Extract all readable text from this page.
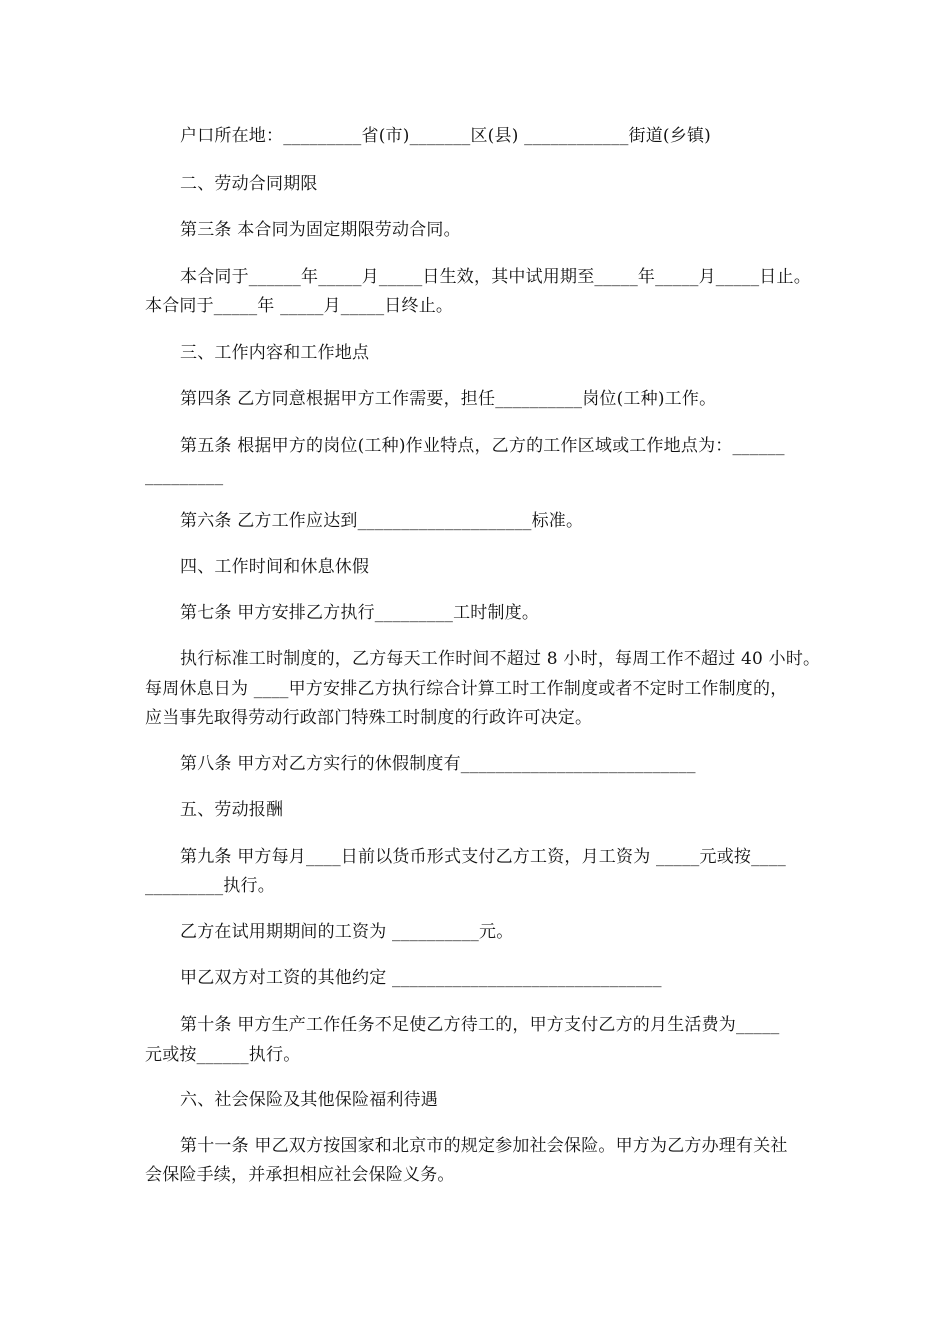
户口所在地：_________省(市)_______区(县) ____________街道(乡镇)
二、劳动合同期限
第三条 本合同为固定期限劳动合同。
本合同于______年_____月_____日生效，其中试用期至_____年_____月_____日止。
本合同于_____年 _____月_____日终止。
三、工作内容和工作地点
第四条 乙方同意根据甲方工作需要，担任__________岗位(工种)工作。
第五条 根据甲方的岗位(工种)作业特点，乙方的工作区域或工作地点为：______
_________
第六条 乙方工作应达到____________________标准。
四、工作时间和休息休假
第七条 甲方安排乙方执行_________工时制度。
执行标准工时制度的，乙方每天工作时间不超过 8 小时，每周工作不超过 40 小时。
每周休息日为 ____甲方安排乙方执行综合计算工时工作制度或者不定时工作制度的，
应当事先取得劳动行政部门特殊工时制度的行政许可决定。
第八条 甲方对乙方实行的休假制度有___________________________
五、劳动报酬
第九条 甲方每月____日前以货币形式支付乙方工资，月工资为 _____元或按____
_________执行。
乙方在试用期期间的工资为 __________元。
甲乙双方对工资的其他约定 _______________________________
第十条 甲方生产工作任务不足使乙方待工的，甲方支付乙方的月生活费为_____
元或按______执行。
六、社会保险及其他保险福利待遇
第十一条 甲乙双方按国家和北京市的规定参加社会保险。甲方为乙方办理有关社
会保险手续，并承担相应社会保险义务。
